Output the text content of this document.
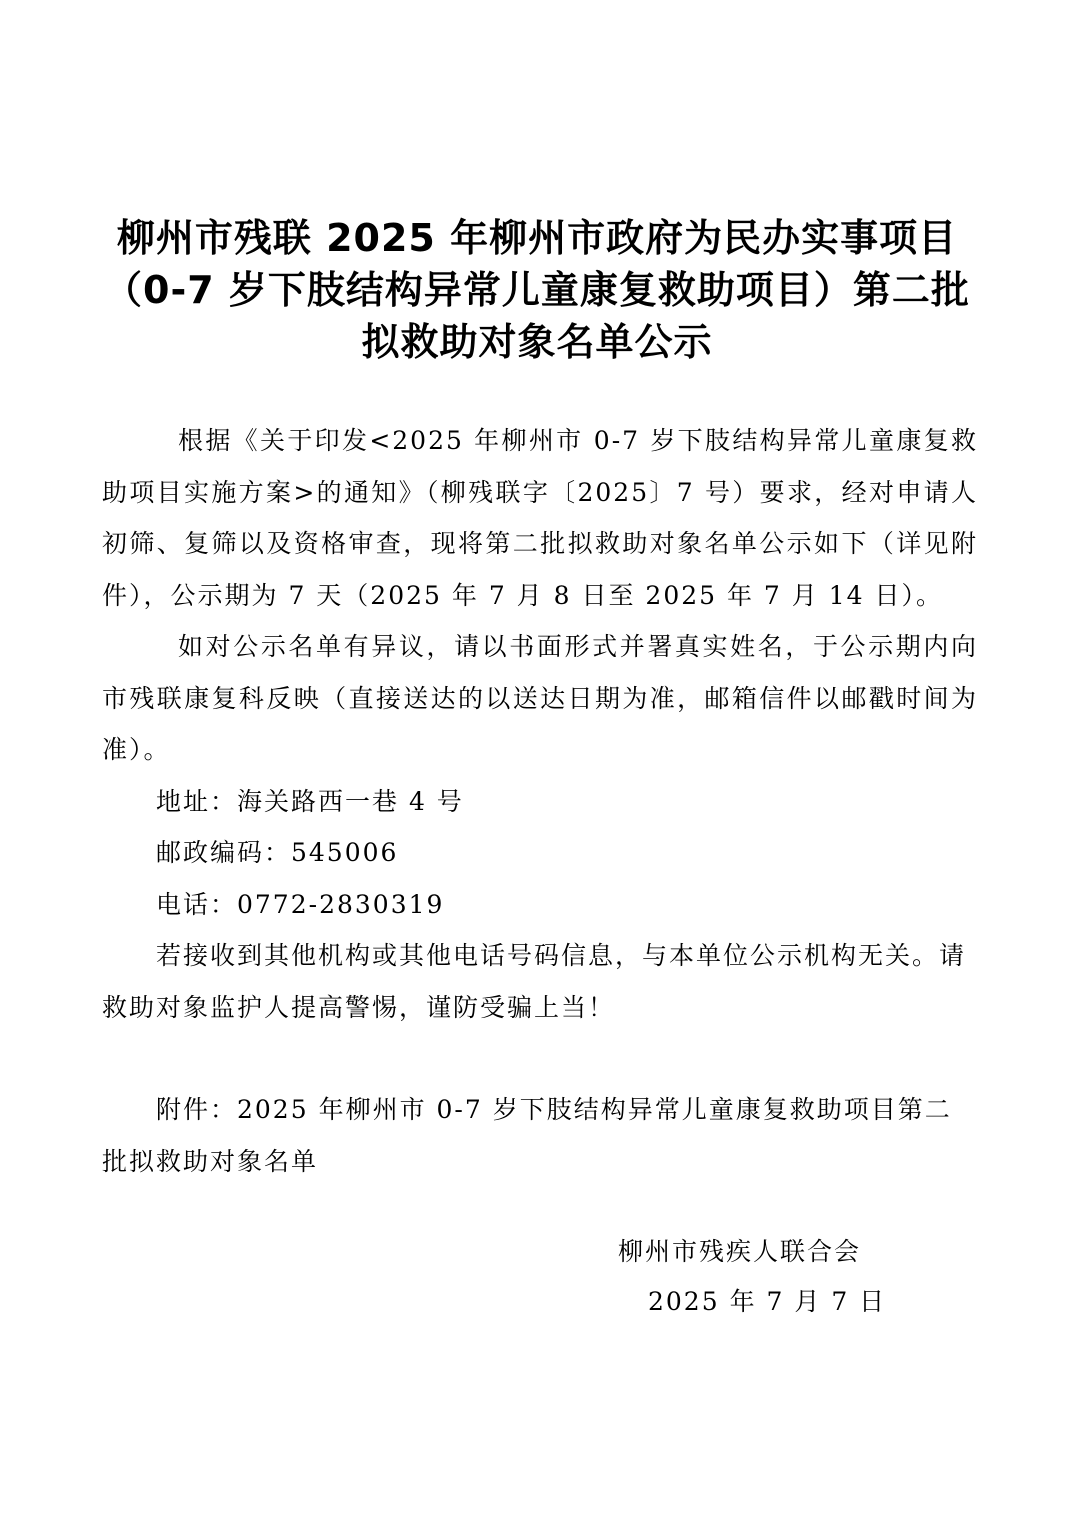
柳州市残联 2025 年柳州市政府为民办实事项目
（0-7 岁下肢结构异常儿童康复救助项目）第二批
拟救助对象名单公示

根据《关于印发<2025 年柳州市 0-7 岁下肢结构异常儿童康复救助项目实施方案>的通知》（柳残联字〔2025〕7 号）要求，经对申请人初筛、复筛以及资格审查，现将第二批拟救助对象名单公示如下（详见附件），公示期为 7 天（2025 年 7 月 8 日至 2025 年 7 月 14 日）。

如对公示名单有异议，请以书面形式并署真实姓名，于公示期内向市残联康复科反映（直接送达的以送达日期为准，邮箱信件以邮戳时间为准）。

地址：海关路西一巷 4 号

邮政编码：545006

电话：0772-2830319

若接收到其他机构或其他电话号码信息，与本单位公示机构无关。请救助对象监护人提高警惕，谨防受骗上当！

附件：2025 年柳州市 0-7 岁下肢结构异常儿童康复救助项目第二批拟救助对象名单

柳州市残疾人联合会
2025 年 7 月 7 日
